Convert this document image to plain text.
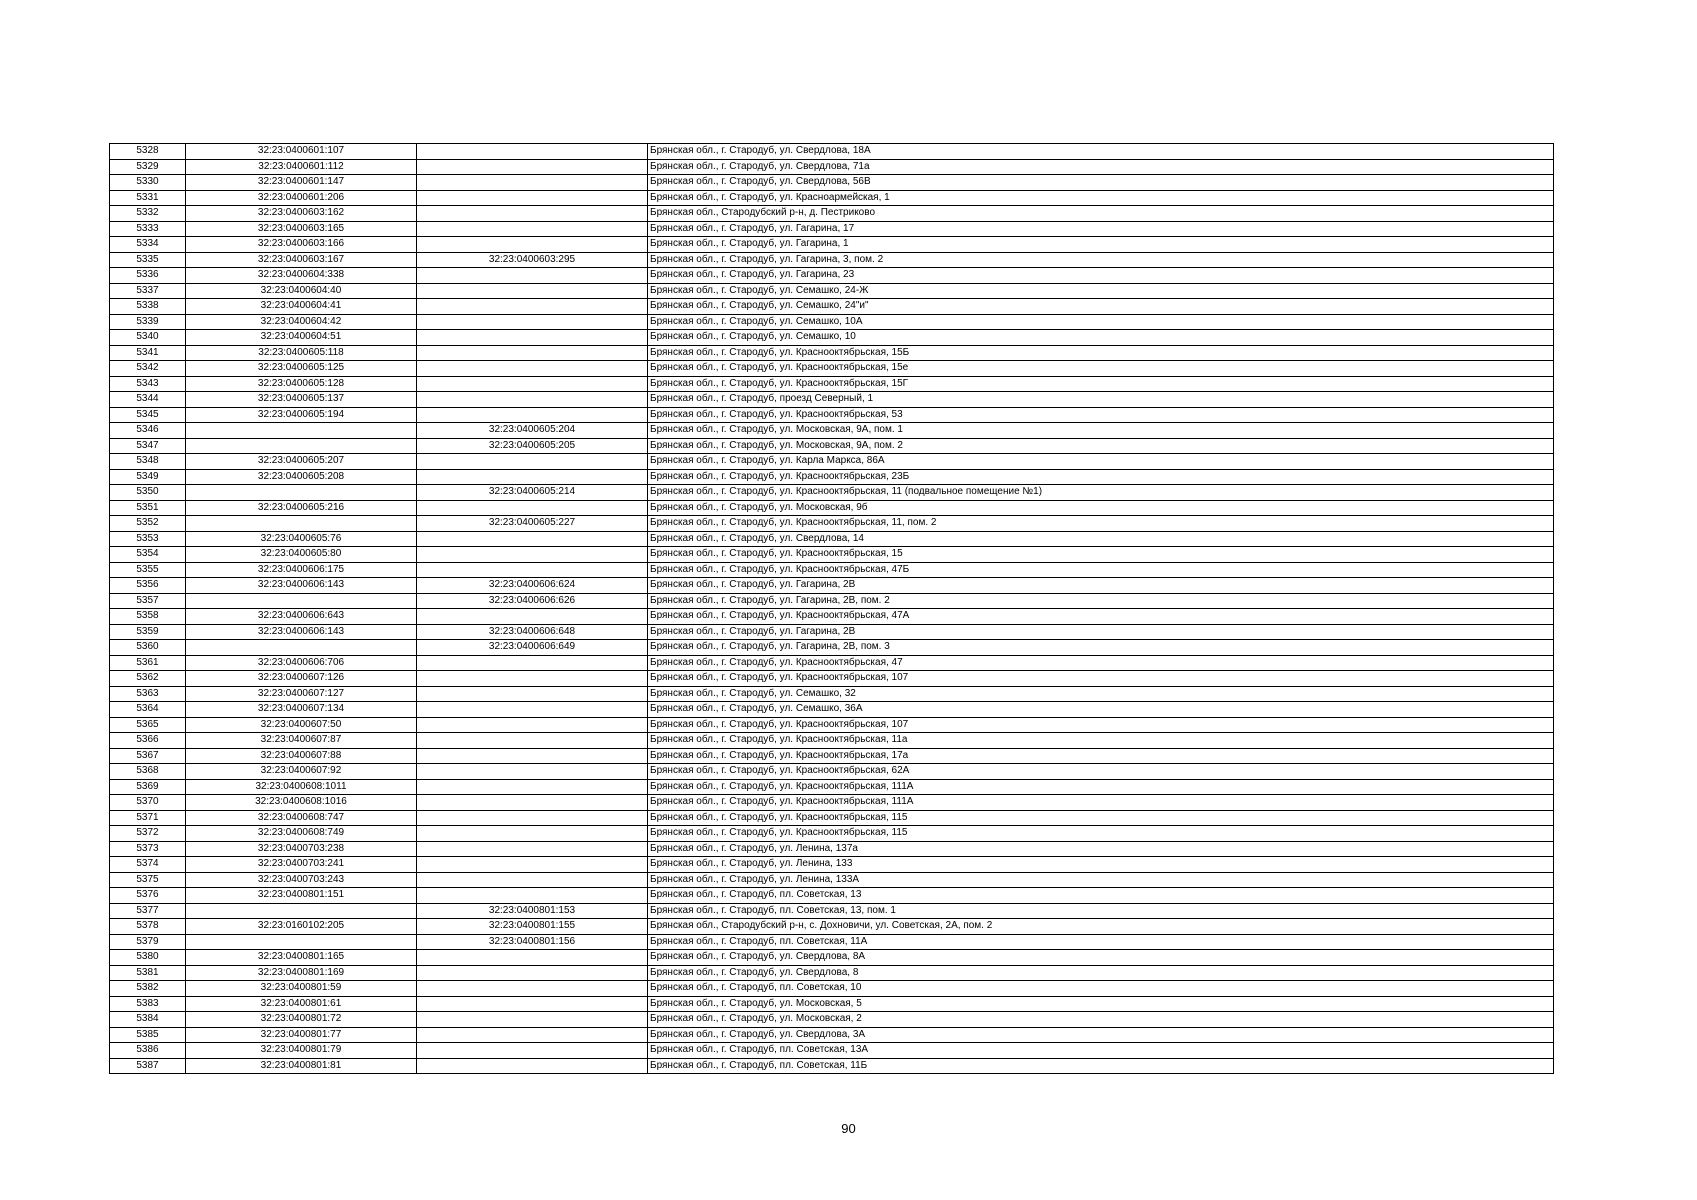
5328	32:23:0400601:107		Брянская обл., г. Стародуб, ул. Свердлова, 18А
5329	32:23:0400601:112		Брянская обл., г. Стародуб, ул. Свердлова, 71а
5330	32:23:0400601:147		Брянская обл., г. Стародуб, ул. Свердлова, 56В
5331	32:23:0400601:206		Брянская обл., г. Стародуб, ул. Красноармейская, 1
5332	32:23:0400603:162		Брянская обл., Стародубский р-н, д. Пестриково
5333	32:23:0400603:165		Брянская обл., г. Стародуб, ул. Гагарина, 17
5334	32:23:0400603:166		Брянская обл., г. Стародуб, ул. Гагарина, 1
5335	32:23:0400603:167	32:23:0400603:295	Брянская обл., г. Стародуб, ул. Гагарина, 3, пом. 2
5336	32:23:0400604:338		Брянская обл., г. Стародуб, ул. Гагарина, 23
5337	32:23:0400604:40		Брянская обл., г. Стародуб, ул. Семашко, 24-Ж
5338	32:23:0400604:41		Брянская обл., г. Стародуб, ул. Семашко, 24"и"
5339	32:23:0400604:42		Брянская обл., г. Стародуб, ул. Семашко, 10А
5340	32:23:0400604:51		Брянская обл., г. Стародуб, ул. Семашко, 10
5341	32:23:0400605:118		Брянская обл., г. Стародуб, ул. Краснооктябрьская, 15Б
5342	32:23:0400605:125		Брянская обл., г. Стародуб, ул. Краснооктябрьская, 15е
5343	32:23:0400605:128		Брянская обл., г. Стародуб, ул. Краснооктябрьская, 15Г
5344	32:23:0400605:137		Брянская обл., г. Стародуб, проезд Северный, 1
5345	32:23:0400605:194		Брянская обл., г. Стародуб, ул. Краснооктябрьская, 53
5346		32:23:0400605:204	Брянская обл., г. Стародуб, ул. Московская, 9А, пом. 1
5347		32:23:0400605:205	Брянская обл., г. Стародуб, ул. Московская, 9А, пом. 2
5348	32:23:0400605:207		Брянская обл., г. Стародуб, ул. Карла Маркса, 86А
5349	32:23:0400605:208		Брянская обл., г. Стародуб, ул. Краснооктябрьская, 23Б
5350		32:23:0400605:214	Брянская обл., г. Стародуб, ул. Краснооктябрьская, 11 (подвальное помещение №1)
5351	32:23:0400605:216		Брянская обл., г. Стародуб, ул. Московская, 9б
5352		32:23:0400605:227	Брянская обл., г. Стародуб, ул. Краснооктябрьская, 11, пом. 2
5353	32:23:0400605:76		Брянская обл., г. Стародуб, ул. Свердлова, 14
5354	32:23:0400605:80		Брянская обл., г. Стародуб, ул. Краснооктябрьская, 15
5355	32:23:0400606:175		Брянская обл., г. Стародуб, ул. Краснооктябрьская, 47Б
5356	32:23:0400606:143	32:23:0400606:624	Брянская обл., г. Стародуб, ул. Гагарина, 2В
5357		32:23:0400606:626	Брянская обл., г. Стародуб, ул. Гагарина, 2В, пом. 2
5358	32:23:0400606:643		Брянская обл., г. Стародуб, ул. Краснооктябрьская, 47А
5359	32:23:0400606:143	32:23:0400606:648	Брянская обл., г. Стародуб, ул. Гагарина, 2В
5360		32:23:0400606:649	Брянская обл., г. Стародуб, ул. Гагарина, 2В, пом. 3
5361	32:23:0400606:706		Брянская обл., г. Стародуб, ул. Краснооктябрьская, 47
5362	32:23:0400607:126		Брянская обл., г. Стародуб, ул. Краснооктябрьская, 107
5363	32:23:0400607:127		Брянская обл., г. Стародуб, ул. Семашко, 32
5364	32:23:0400607:134		Брянская обл., г. Стародуб, ул. Семашко, 36А
5365	32:23:0400607:50		Брянская обл., г. Стародуб, ул. Краснооктябрьская, 107
5366	32:23:0400607:87		Брянская обл., г. Стародуб, ул. Краснооктябрьская, 11а
5367	32:23:0400607:88		Брянская обл., г. Стародуб, ул. Краснооктябрьская, 17а
5368	32:23:0400607:92		Брянская обл., г. Стародуб, ул. Краснооктябрьская, 62А
5369	32:23:0400608:1011		Брянская обл., г. Стародуб, ул. Краснооктябрьская, 111А
5370	32:23:0400608:1016		Брянская обл., г. Стародуб, ул. Краснооктябрьская, 111А
5371	32:23:0400608:747		Брянская обл., г. Стародуб, ул. Краснооктябрьская, 115
5372	32:23:0400608:749		Брянская обл., г. Стародуб, ул. Краснооктябрьская, 115
5373	32:23:0400703:238		Брянская обл., г. Стародуб, ул. Ленина, 137а
5374	32:23:0400703:241		Брянская обл., г. Стародуб, ул. Ленина, 133
5375	32:23:0400703:243		Брянская обл., г. Стародуб, ул. Ленина, 133А
5376	32:23:0400801:151		Брянская обл., г. Стародуб, пл. Советская, 13
5377		32:23:0400801:153	Брянская обл., г. Стародуб, пл. Советская, 13, пом. 1
5378	32:23:0160102:205	32:23:0400801:155	Брянская обл., Стародубский р-н, с. Дохновичи, ул. Советская, 2А, пом. 2
5379		32:23:0400801:156	Брянская обл., г. Стародуб, пл. Советская, 11А
5380	32:23:0400801:165		Брянская обл., г. Стародуб, ул. Свердлова, 8А
5381	32:23:0400801:169		Брянская обл., г. Стародуб, ул. Свердлова, 8
5382	32:23:0400801:59		Брянская обл., г. Стародуб, пл. Советская, 10
5383	32:23:0400801:61		Брянская обл., г. Стародуб, ул. Московская, 5
5384	32:23:0400801:72		Брянская обл., г. Стародуб, ул. Московская, 2
5385	32:23:0400801:77		Брянская обл., г. Стародуб, ул. Свердлова, 3А
5386	32:23:0400801:79		Брянская обл., г. Стародуб, пл. Советская, 13А
5387	32:23:0400801:81		Брянская обл., г. Стародуб, пл. Советская, 11Б
90
